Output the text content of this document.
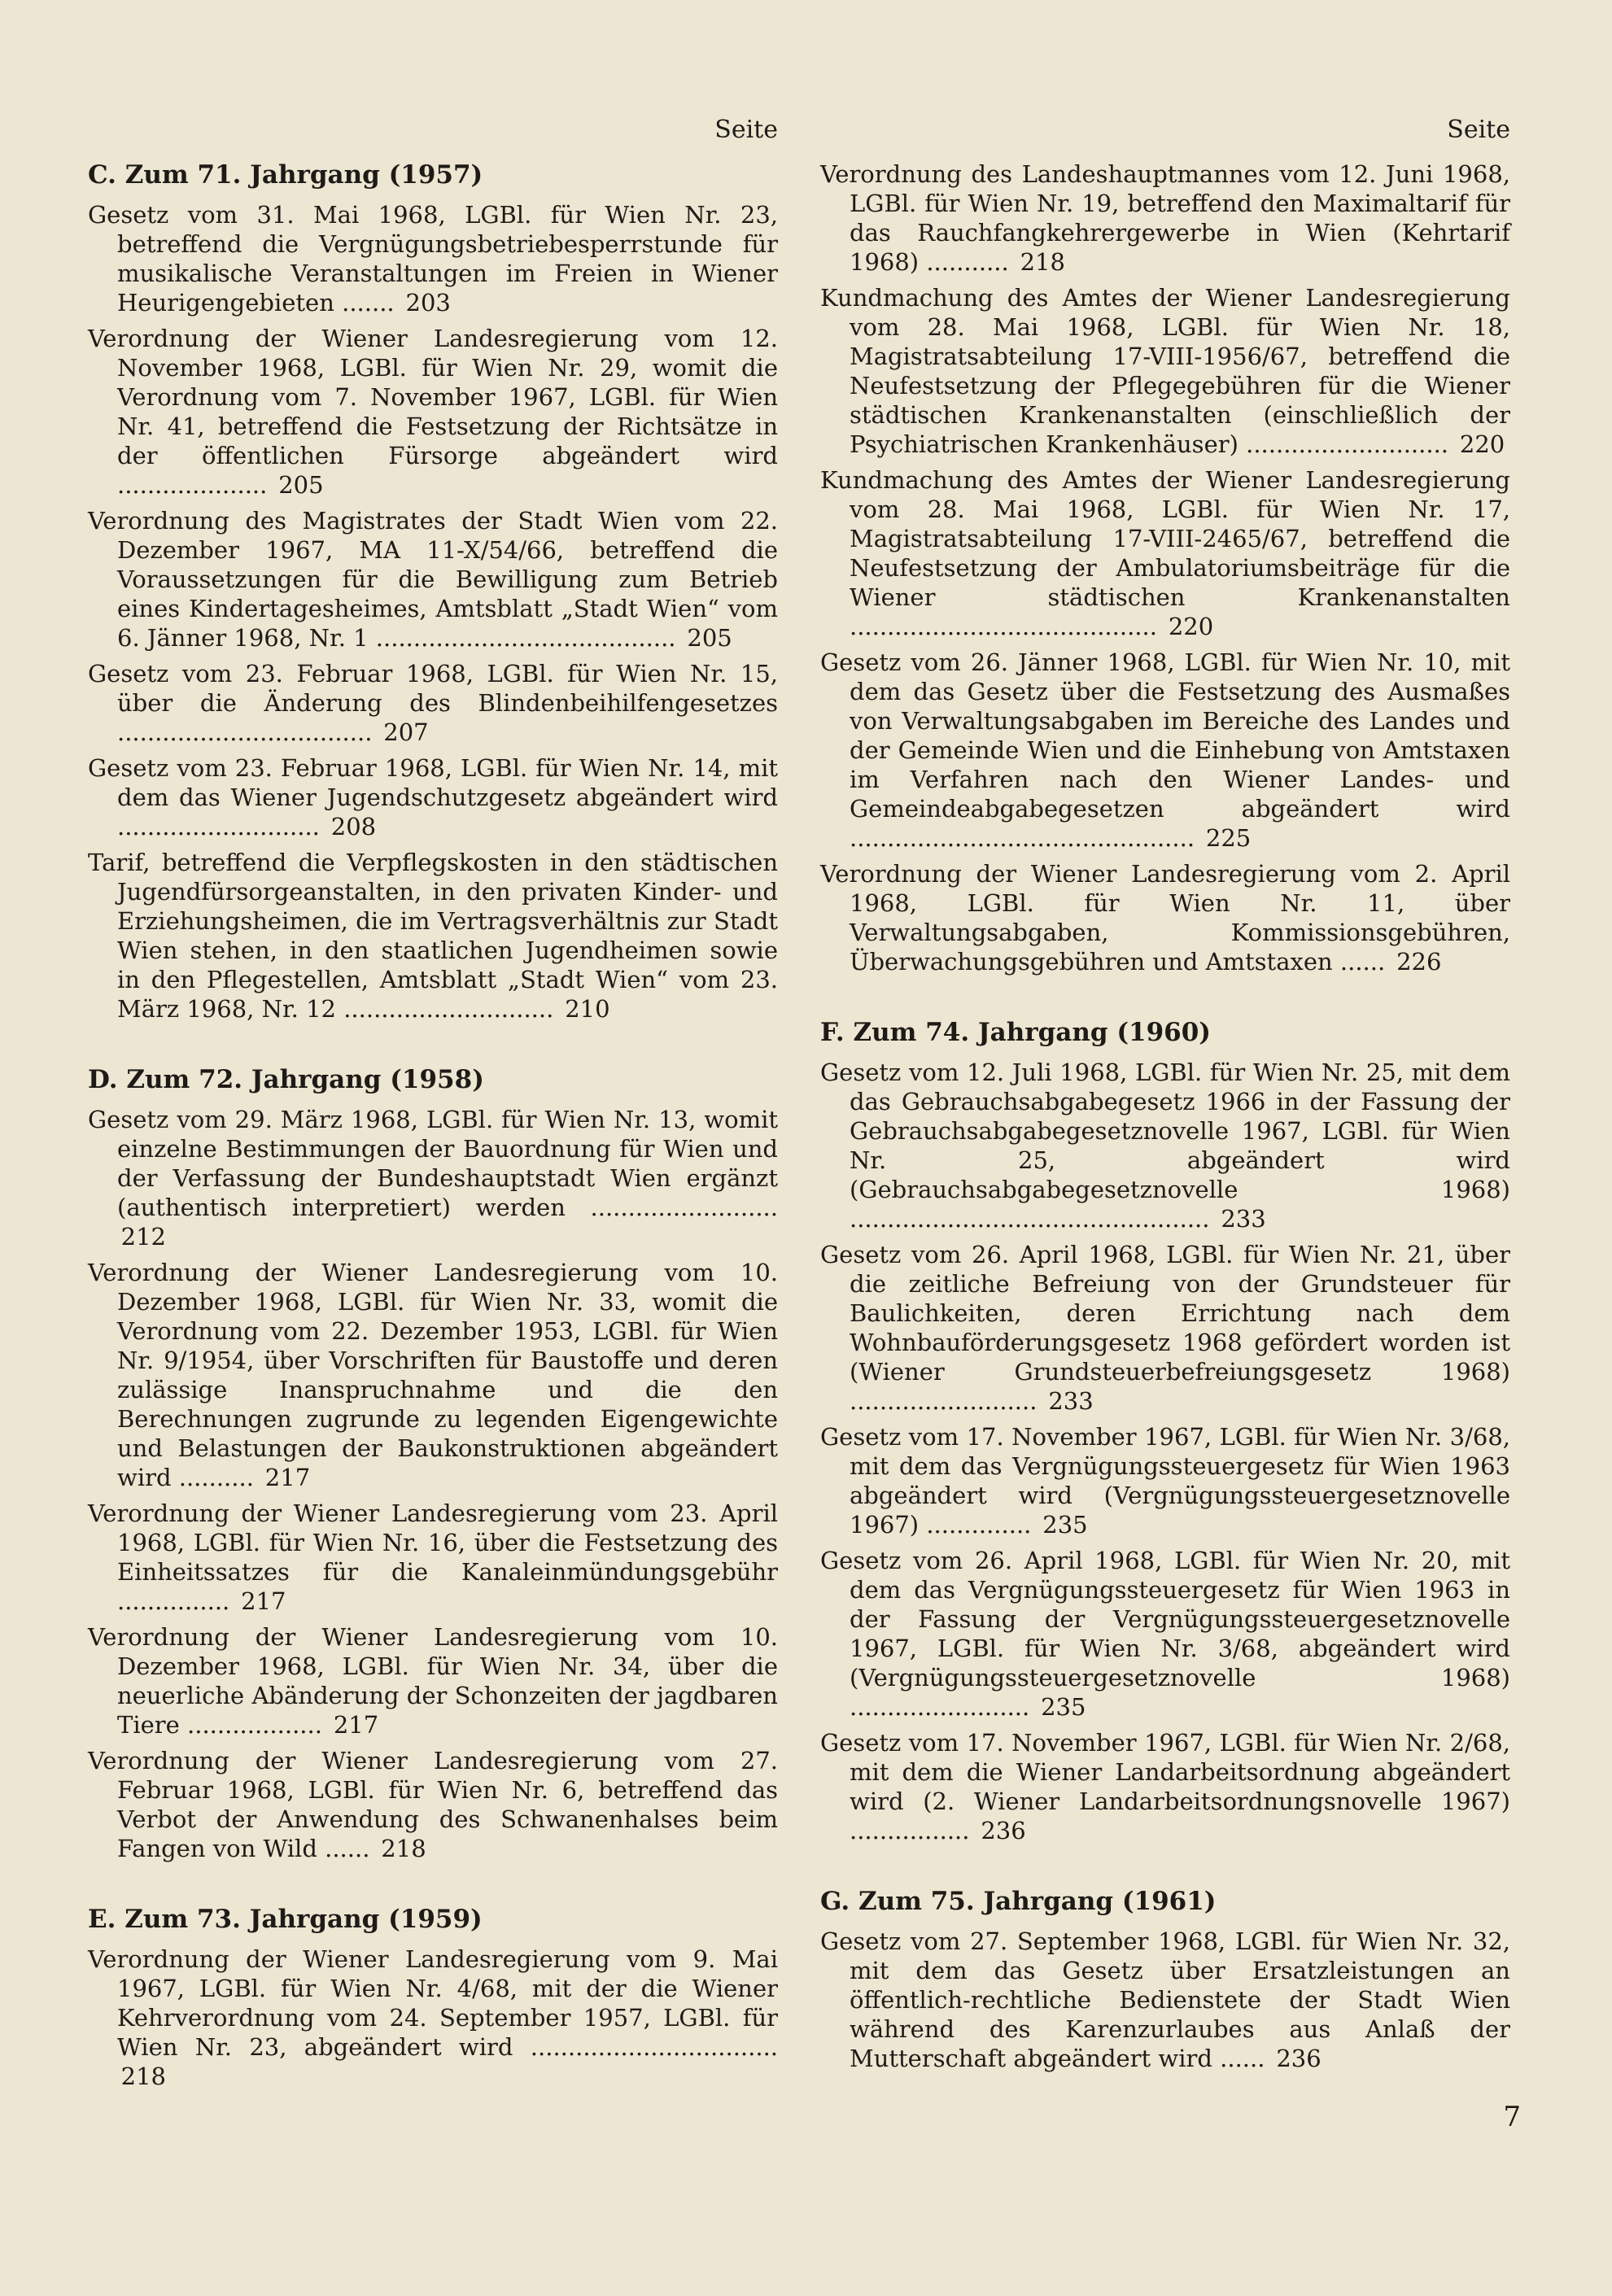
Seite
C. Zum 71. Jahrgang (1957)
Gesetz vom 31. Mai 1968, LGBl. für Wien Nr. 23, betreffend die Vergnügungsbetriebesperrstunde für musikalische Veranstaltungen im Freien in Wiener Heurigengebieten ....... 203
Verordnung der Wiener Landesregierung vom 12. November 1968, LGBl. für Wien Nr. 29, womit die Verordnung vom 7. November 1967, LGBl. für Wien Nr. 41, betreffend die Festsetzung der Richtsätze in der öffentlichen Fürsorge abgeändert wird .................... 205
Verordnung des Magistrates der Stadt Wien vom 22. Dezember 1967, MA 11-X/54/66, betreffend die Voraussetzungen für die Bewilligung zum Betrieb eines Kindertagesheimes, Amtsblatt „Stadt Wien“ vom 6. Jänner 1968, Nr. 1 ........................................ 205
Gesetz vom 23. Februar 1968, LGBl. für Wien Nr. 15, über die Änderung des Blindenbeihilfengesetzes .................................. 207
Gesetz vom 23. Februar 1968, LGBl. für Wien Nr. 14, mit dem das Wiener Jugendschutzgesetz abgeändert wird ........................... 208
Tarif, betreffend die Verpflegskosten in den städtischen Jugendfürsorgeanstalten, in den privaten Kinder- und Erziehungsheimen, die im Vertragsverhältnis zur Stadt Wien stehen, in den staatlichen Jugendheimen sowie in den Pflegestellen, Amtsblatt „Stadt Wien“ vom 23. März 1968, Nr. 12 ............................ 210
D. Zum 72. Jahrgang (1958)
Gesetz vom 29. März 1968, LGBl. für Wien Nr. 13, womit einzelne Bestimmungen der Bauordnung für Wien und der Verfassung der Bundeshauptstadt Wien ergänzt (authentisch interpretiert) werden ......................... 212
Verordnung der Wiener Landesregierung vom 10. Dezember 1968, LGBl. für Wien Nr. 33, womit die Verordnung vom 22. Dezember 1953, LGBl. für Wien Nr. 9/1954, über Vorschriften für Baustoffe und deren zulässige Inanspruchnahme und die den Berechnungen zugrunde zu legenden Eigengewichte und Belastungen der Baukonstruktionen abgeändert wird .......... 217
Verordnung der Wiener Landesregierung vom 23. April 1968, LGBl. für Wien Nr. 16, über die Festsetzung des Einheitssatzes für die Kanaleinmündungsgebühr ............... 217
Verordnung der Wiener Landesregierung vom 10. Dezember 1968, LGBl. für Wien Nr. 34, über die neuerliche Abänderung der Schonzeiten der jagdbaren Tiere .................. 217
Verordnung der Wiener Landesregierung vom 27. Februar 1968, LGBl. für Wien Nr. 6, betreffend das Verbot der Anwendung des Schwanenhalses beim Fangen von Wild ...... 218
E. Zum 73. Jahrgang (1959)
Verordnung der Wiener Landesregierung vom 9. Mai 1967, LGBl. für Wien Nr. 4/68, mit der die Wiener Kehrverordnung vom 24. September 1957, LGBl. für Wien Nr. 23, abgeändert wird ................................. 218
Seite
Verordnung des Landeshauptmannes vom 12. Juni 1968, LGBl. für Wien Nr. 19, betreffend den Maximaltarif für das Rauchfangkehrergewerbe in Wien (Kehrtarif 1968) ........... 218
Kundmachung des Amtes der Wiener Landesregierung vom 28. Mai 1968, LGBl. für Wien Nr. 18, Magistratsabteilung 17-VIII-1956/67, betreffend die Neufestsetzung der Pflegegebühren für die Wiener städtischen Krankenanstalten (einschließlich der Psychiatrischen Krankenhäuser) ........................... 220
Kundmachung des Amtes der Wiener Landesregierung vom 28. Mai 1968, LGBl. für Wien Nr. 17, Magistratsabteilung 17-VIII-2465/67, betreffend die Neufestsetzung der Ambulatoriumsbeiträge für die Wiener städtischen Krankenanstalten ......................................... 220
Gesetz vom 26. Jänner 1968, LGBl. für Wien Nr. 10, mit dem das Gesetz über die Festsetzung des Ausmaßes von Verwaltungsabgaben im Bereiche des Landes und der Gemeinde Wien und die Einhebung von Amtstaxen im Verfahren nach den Wiener Landes- und Gemeindeabgabegesetzen abgeändert wird .............................................. 225
Verordnung der Wiener Landesregierung vom 2. April 1968, LGBl. für Wien Nr. 11, über Verwaltungsabgaben, Kommissionsgebühren, Überwachungsgebühren und Amtstaxen ...... 226
F. Zum 74. Jahrgang (1960)
Gesetz vom 12. Juli 1968, LGBl. für Wien Nr. 25, mit dem das Gebrauchsabgabegesetz 1966 in der Fassung der Gebrauchsabgabegesetznovelle 1967, LGBl. für Wien Nr. 25, abgeändert wird (Gebrauchsabgabegesetznovelle 1968) ................................................ 233
Gesetz vom 26. April 1968, LGBl. für Wien Nr. 21, über die zeitliche Befreiung von der Grundsteuer für Baulichkeiten, deren Errichtung nach dem Wohnbauförderungsgesetz 1968 gefördert worden ist (Wiener Grundsteuerbefreiungsgesetz 1968) ......................... 233
Gesetz vom 17. November 1967, LGBl. für Wien Nr. 3/68, mit dem das Vergnügungssteuergesetz für Wien 1963 abgeändert wird (Vergnügungssteuergesetznovelle 1967) .............. 235
Gesetz vom 26. April 1968, LGBl. für Wien Nr. 20, mit dem das Vergnügungssteuergesetz für Wien 1963 in der Fassung der Vergnügungssteuergesetznovelle 1967, LGBl. für Wien Nr. 3/68, abgeändert wird (Vergnügungssteuergesetznovelle 1968) ........................ 235
Gesetz vom 17. November 1967, LGBl. für Wien Nr. 2/68, mit dem die Wiener Landarbeitsordnung abgeändert wird (2. Wiener Landarbeitsordnungsnovelle 1967) ................ 236
G. Zum 75. Jahrgang (1961)
Gesetz vom 27. September 1968, LGBl. für Wien Nr. 32, mit dem das Gesetz über Ersatzleistungen an öffentlich-rechtliche Bedienstete der Stadt Wien während des Karenzurlaubes aus Anlaß der Mutterschaft abgeändert wird ...... 236
7
